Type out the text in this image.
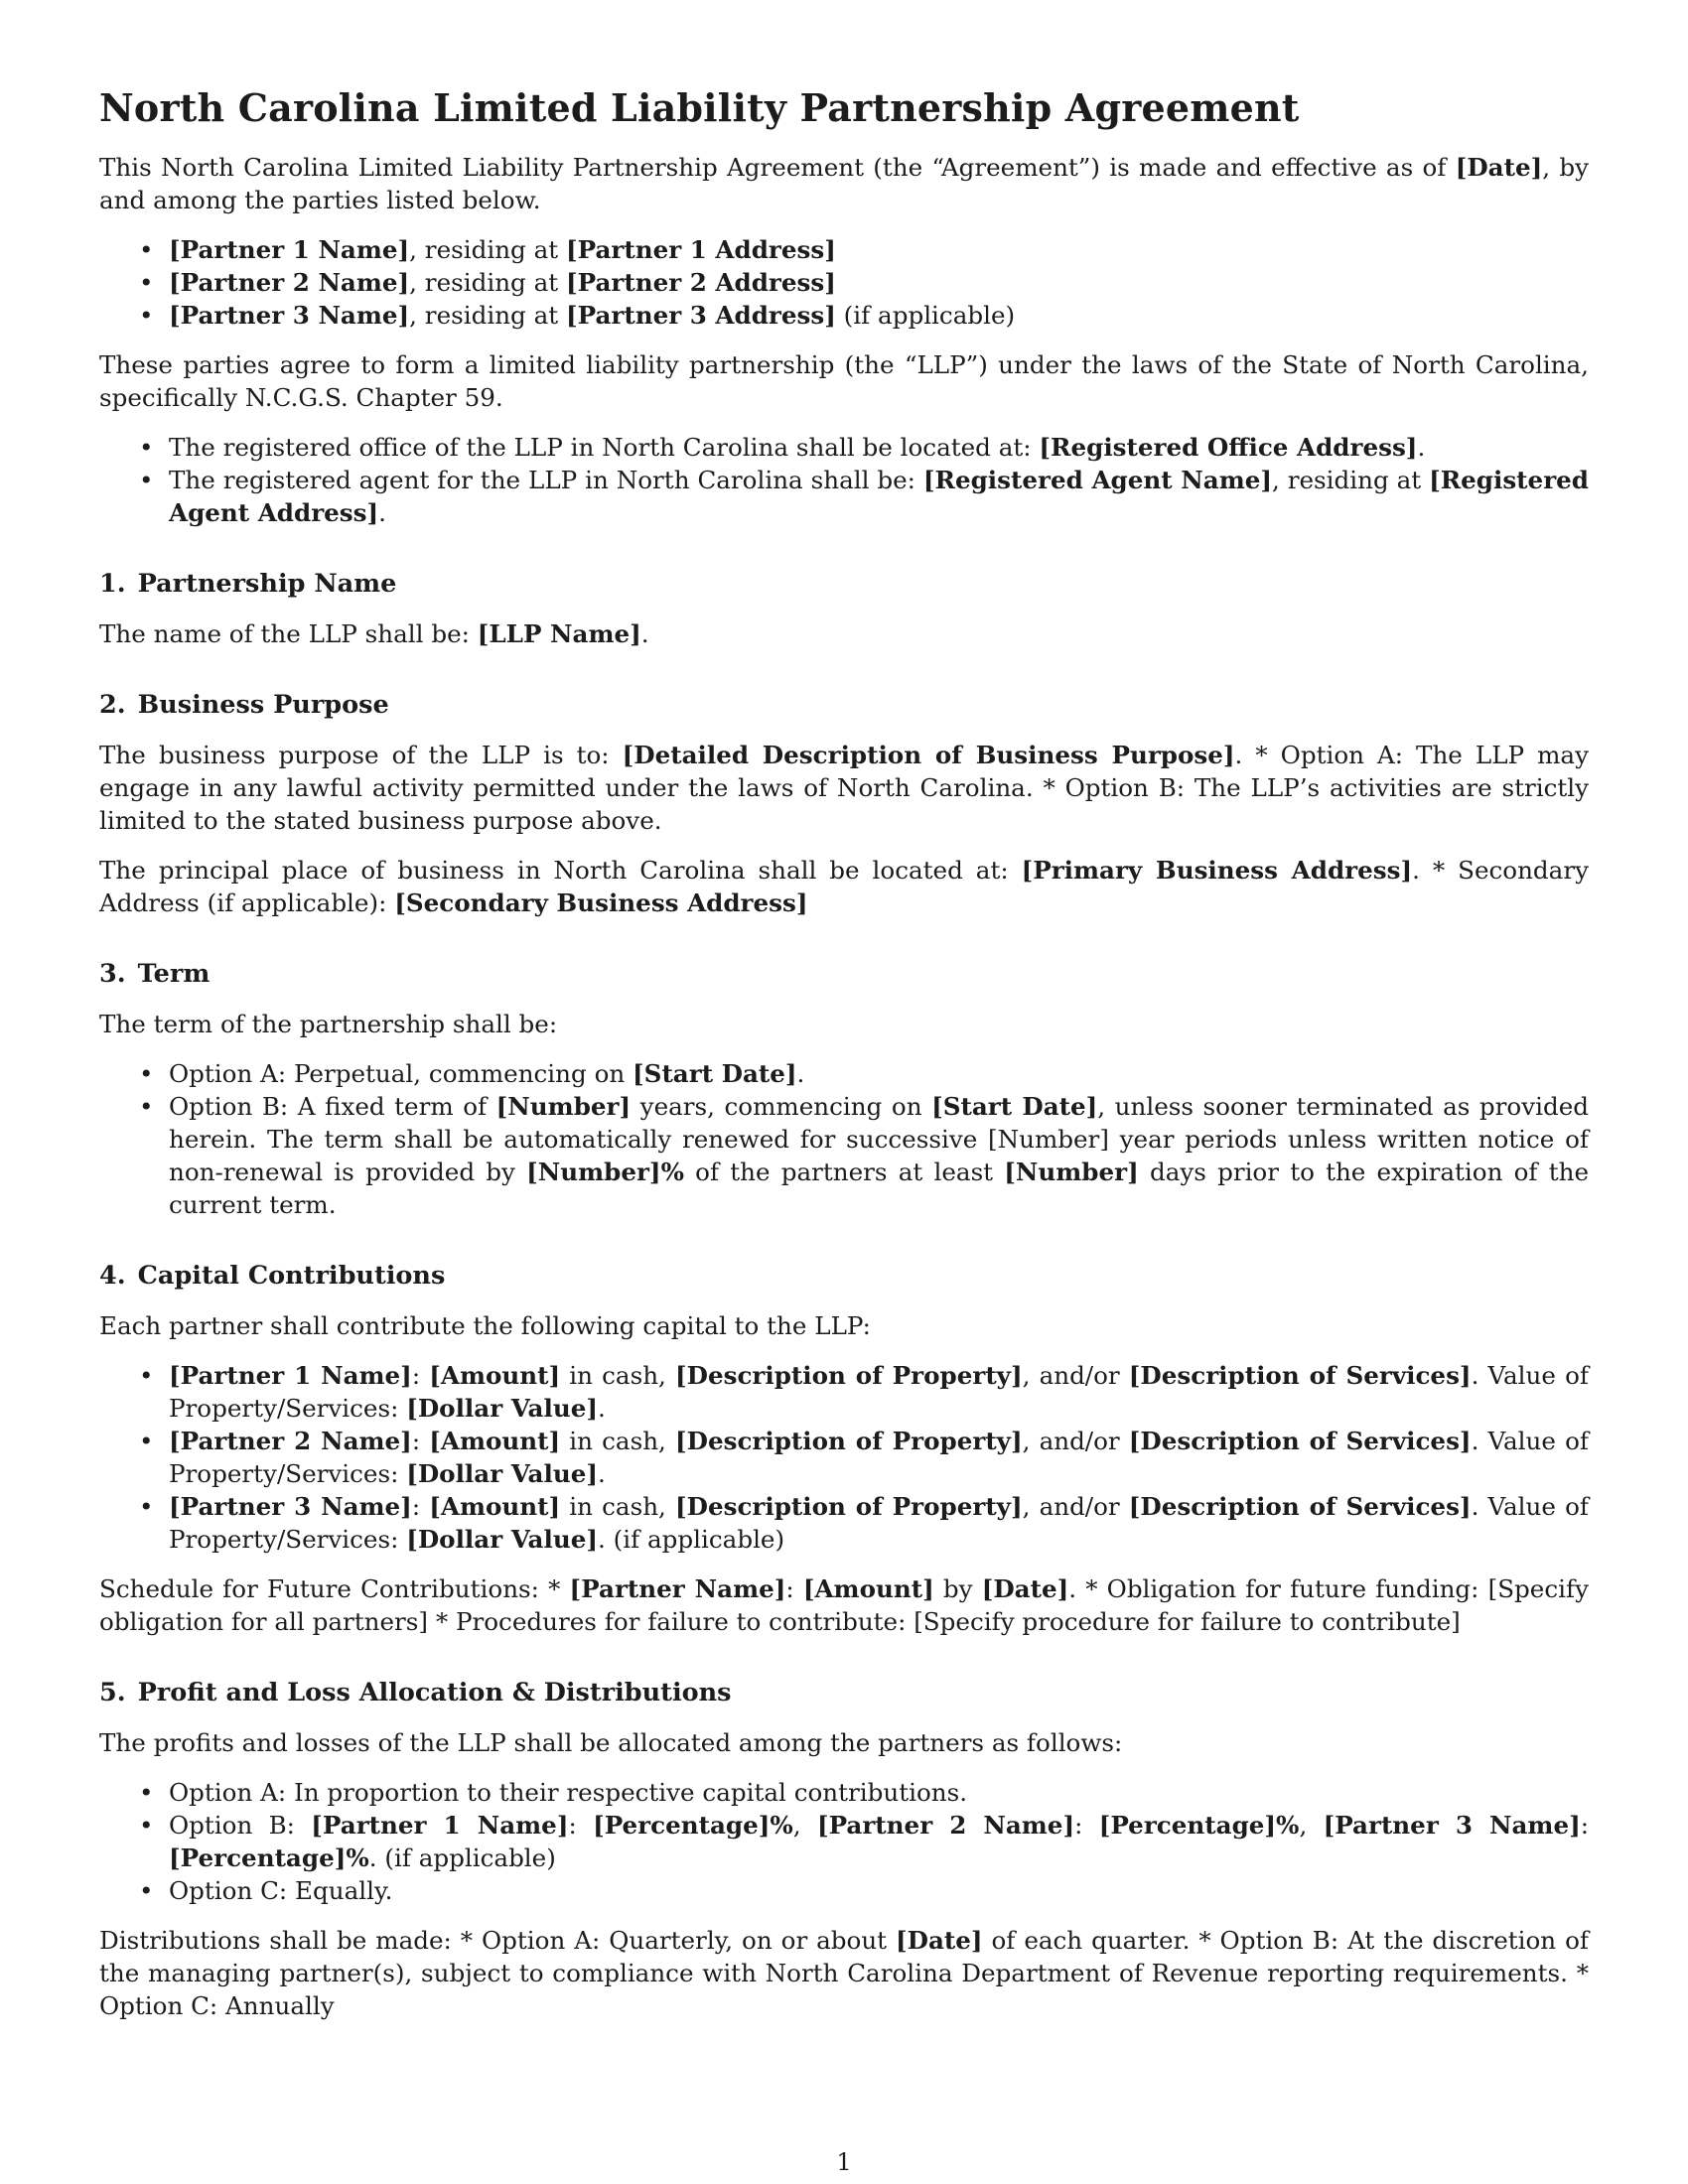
North Carolina Limited Liability Partnership Agreement

This North Carolina Limited Liability Partnership Agreement (the “Agreement”) is made and effective as of [Date], by and among the parties listed below.

• [Partner 1 Name], residing at [Partner 1 Address]
• [Partner 2 Name], residing at [Partner 2 Address]
• [Partner 3 Name], residing at [Partner 3 Address] (if applicable)

These parties agree to form a limited liability partnership (the “LLP”) under the laws of the State of North Carolina, specifically N.C.G.S. Chapter 59.

• The registered office of the LLP in North Carolina shall be located at: [Registered Office Address].
• The registered agent for the LLP in North Carolina shall be: [Registered Agent Name], residing at [Registered Agent Address].
1. Partnership Name

The name of the LLP shall be: [LLP Name].

2. Business Purpose

The business purpose of the LLP is to: [Detailed Description of Business Purpose]. * Option A: The LLP may engage in any lawful activity permitted under the laws of North Carolina. * Option B: The LLP’s activities are strictly limited to the stated business purpose above.

The principal place of business in North Carolina shall be located at: [Primary Business Address]. * Secondary Address (if applicable): [Secondary Business Address]

3. Term

The term of the partnership shall be:

• Option A: Perpetual, commencing on [Start Date].
• Option B: A fixed term of [Number] years, commencing on [Start Date], unless sooner terminated as provided herein. The term shall be automatically renewed for successive [Number] year periods unless written notice of non-renewal is provided by [Number]% of the partners at least [Number] days prior to the expiration of the current term.
4. Capital Contributions

Each partner shall contribute the following capital to the LLP:

• [Partner 1 Name]: [Amount] in cash, [Description of Property], and/or [Description of Services]. Value of Property/Services: [Dollar Value].
• [Partner 2 Name]: [Amount] in cash, [Description of Property], and/or [Description of Services]. Value of Property/Services: [Dollar Value].
• [Partner 3 Name]: [Amount] in cash, [Description of Property], and/or [Description of Services]. Value of Property/Services: [Dollar Value]. (if applicable)

Schedule for Future Contributions: * [Partner Name]: [Amount] by [Date]. * Obligation for future funding: [Specify obligation for all partners] * Procedures for failure to contribute: [Specify procedure for failure to contribute]

5. Profit and Loss Allocation & Distributions

The profits and losses of the LLP shall be allocated among the partners as follows:

• Option A: In proportion to their respective capital contributions.
• Option B: [Partner 1 Name]: [Percentage]%, [Partner 2 Name]: [Percentage]%, [Partner 3 Name]: [Percentage]%. (if applicable)
• Option C: Equally.

Distributions shall be made: * Option A: Quarterly, on or about [Date] of each quarter. * Option B: At the discretion of the managing partner(s), subject to compliance with North Carolina Department of Revenue reporting requirements. * Option C: Annually

1
